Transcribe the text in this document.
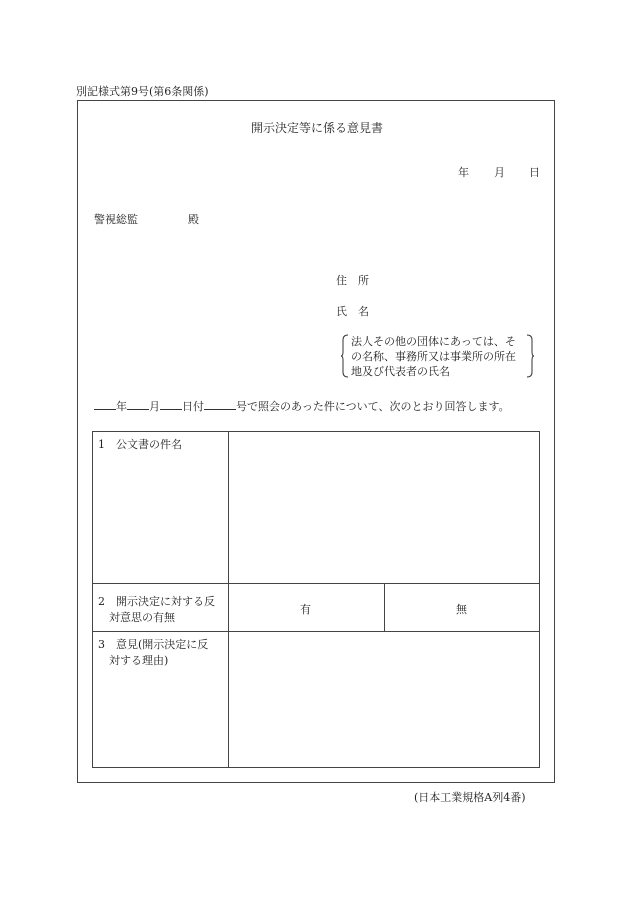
別記様式第9号(第6条関係)
開示決定等に係る意見書
年 月 日
警視総監	殿
住　所
氏　名
法人その他の団体にあっては、そ
の名称、事務所又は事業所の所在
地及び代表者の氏名
年 月 日付	号で照会のあった件について、次のとおり回答します。
1　公文書の件名
2　開示決定に対する反
　対意思の有無
有	無
3　意見(開示決定に反
　対する理由)
(日本工業規格A列4番)
